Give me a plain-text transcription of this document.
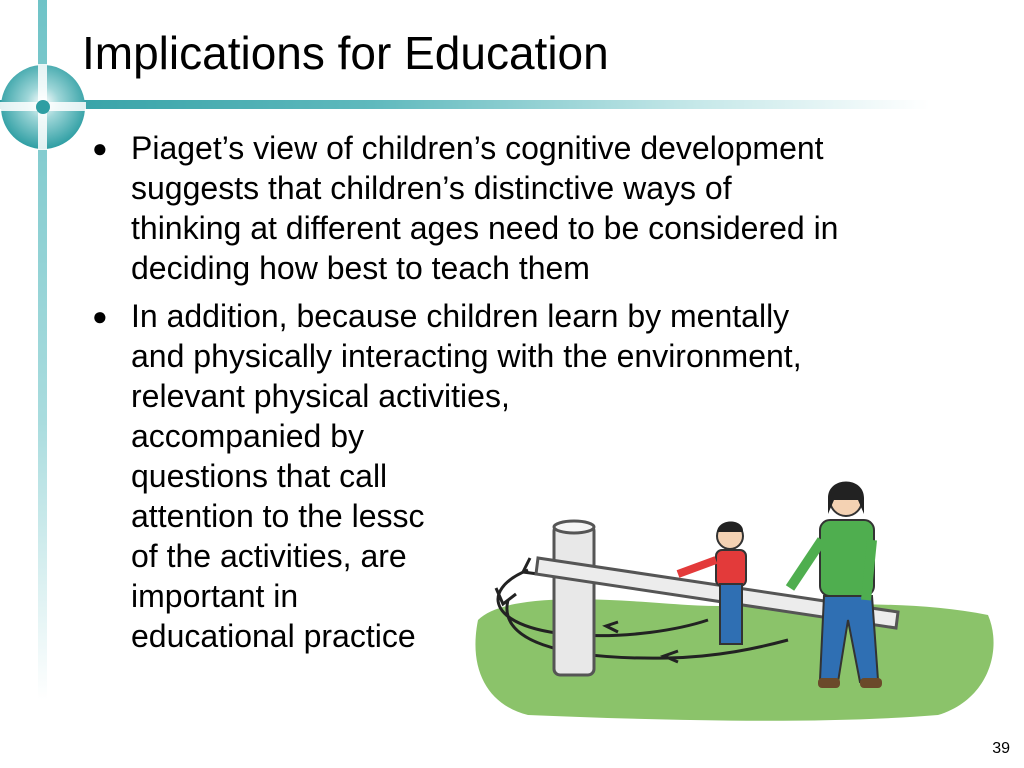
Implications for Education
● Piaget’s view of children’s cognitive development
suggests that children’s distinctive ways of
thinking at different ages need to be considered in
deciding how best to teach them
● In addition, because children learn by mentally
and physically interacting with the environment,
relevant physical activities,
accompanied by
questions that call
attention to the lessc
of the activities, are
important in
educational practice
39
